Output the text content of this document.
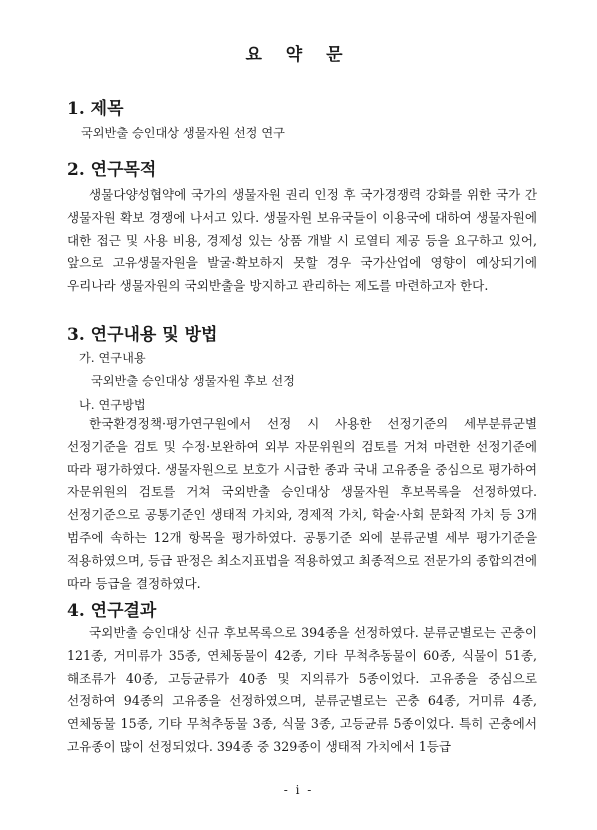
요 약 문
1. 제목
국외반출 승인대상 생물자원 선정 연구
2. 연구목적
생물다양성협약에 국가의 생물자원 권리 인정 후 국가경쟁력 강화를 위한 국가 간 생물자원 확보 경쟁에 나서고 있다. 생물자원 보유국들이 이용국에 대하여 생물자원에 대한 접근 및 사용 비용, 경제성 있는 상품 개발 시 로열티 제공 등을 요구하고 있어, 앞으로 고유생물자원을 발굴·확보하지 못할 경우 국가산업에 영향이 예상되기에 우리나라 생물자원의 국외반출을 방지하고 관리하는 제도를 마련하고자 한다.
3. 연구내용 및 방법
가. 연구내용
국외반출 승인대상 생물자원 후보 선정
나. 연구방법
한국환경정책·평가연구원에서 선정 시 사용한 선정기준의 세부분류군별 선정기준을 검토 및 수정·보완하여 외부 자문위원의 검토를 거쳐 마련한 선정기준에 따라 평가하였다. 생물자원으로 보호가 시급한 종과 국내 고유종을 중심으로 평가하여 자문위원의 검토를 거쳐 국외반출 승인대상 생물자원 후보목록을 선정하였다. 선정기준으로 공통기준인 생태적 가치와, 경제적 가치, 학술·사회 문화적 가치 등 3개 범주에 속하는 12개 항목을 평가하였다. 공통기준 외에 분류군별 세부 평가기준을 적용하였으며, 등급 판정은 최소지표법을 적용하였고 최종적으로 전문가의 종합의견에 따라 등급을 결정하였다.
4. 연구결과
국외반출 승인대상 신규 후보목록으로 394종을 선정하였다. 분류군별로는 곤충이 121종, 거미류가 35종, 연체동물이 42종, 기타 무척추동물이 60종, 식물이 51종, 해조류가 40종, 고등균류가 40종 및 지의류가 5종이었다. 고유종을 중심으로 선정하여 94종의 고유종을 선정하였으며, 분류군별로는 곤충 64종, 거미류 4종, 연체동물 15종, 기타 무척추동물 3종, 식물 3종, 고등균류 5종이었다. 특히 곤충에서 고유종이 많이 선정되었다. 394종 중 329종이 생태적 가치에서 1등급
- i -
